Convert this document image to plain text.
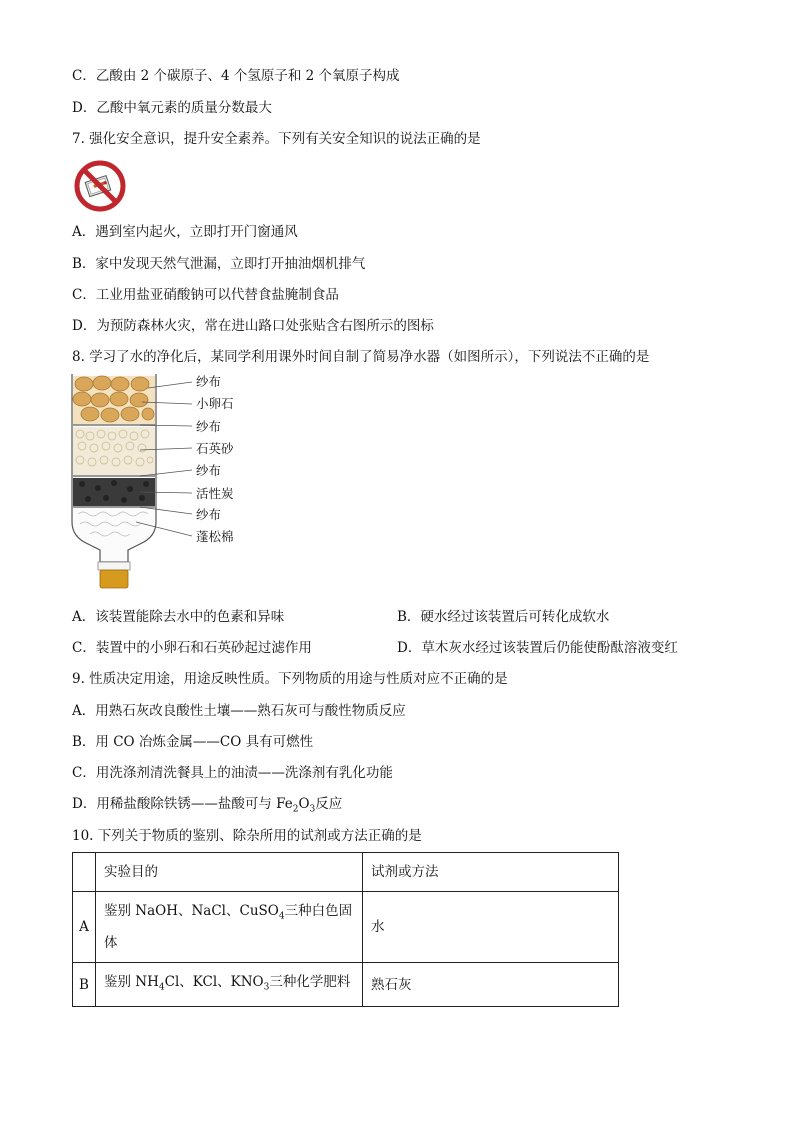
C．乙酸由 2 个碳原子、4 个氢原子和 2 个氧原子构成
D．乙酸中氧元素的质量分数最大
7. 强化安全意识，提升安全素养。下列有关安全知识的说法正确的是
A．遇到室内起火，立即打开门窗通风
B．家中发现天然气泄漏，立即打开抽油烟机排气
C．工业用盐亚硝酸钠可以代替食盐腌制食品
D．为预防森林火灾，常在进山路口处张贴含右图所示的图标
8. 学习了水的净化后，某同学利用课外时间自制了简易净水器（如图所示），下列说法不正确的是
纱布
小卵石
纱布
石英砂
纱布
活性炭
纱布
蓬松棉
A．该装置能除去水中的色素和异味	B．硬水经过该装置后可转化成软水
C．装置中的小卵石和石英砂起过滤作用	D．草木灰水经过该装置后仍能使酚酞溶液变红
9. 性质决定用途，用途反映性质。下列物质的用途与性质对应不正确的是
A．用熟石灰改良酸性土壤——熟石灰可与酸性物质反应
B．用 CO 冶炼金属——CO 具有可燃性
C．用洗涤剂清洗餐具上的油渍——洗涤剂有乳化功能
D．用稀盐酸除铁锈——盐酸可与 $Fe_2O_3$反应
10. 下列关于物质的鉴别、除杂所用的试剂或方法正确的是
	实验目的	试剂或方法
A	鉴别 NaOH、NaCl、CuSO$_4$三种白色固体	水
B	鉴别 $NH_4Cl$、KCl、$KNO_3$三种化学肥料	熟石灰
